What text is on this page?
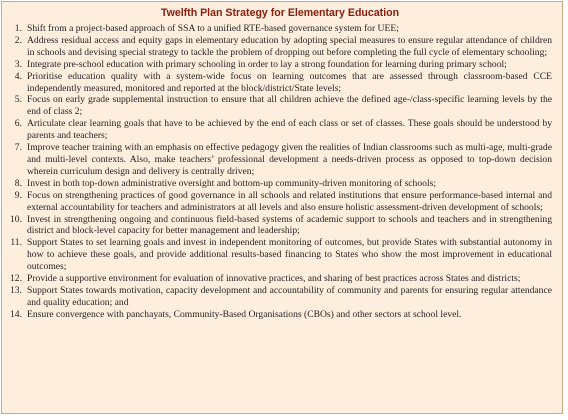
Twelfth Plan Strategy for Elementary Education
1. Shift from a project-based approach of SSA to a unified RTE-based governance system for UEE;
2. Address residual access and equity gaps in elementary education by adopting special measures to ensure regular attendance of children in schools and devising special strategy to tackle the problem of dropping out before completing the full cycle of elementary schooling;
3. Integrate pre-school education with primary schooling in order to lay a strong foundation for learning during primary school;
4. Prioritise education quality with a system-wide focus on learning outcomes that are assessed through classroom-based CCE independently measured, monitored and reported at the block/district/State levels;
5. Focus on early grade supplemental instruction to ensure that all children achieve the defined age-/class-specific learning levels by the end of class 2;
6. Articulate clear learning goals that have to be achieved by the end of each class or set of classes. These goals should be understood by parents and teachers;
7. Improve teacher training with an emphasis on effective pedagogy given the realities of Indian classrooms such as multi-age, multi-grade and multi-level contexts. Also, make teachers’ professional development a needs-driven process as opposed to top-down decision wherein curriculum design and delivery is centrally driven;
8. Invest in both top-down administrative oversight and bottom-up community-driven monitoring of schools;
9. Focus on strengthening practices of good governance in all schools and related institutions that ensure performance-based internal and external accountability for teachers and administrators at all levels and also ensure holistic assessment-driven development of schools;
10. Invest in strengthening ongoing and continuous field-based systems of academic support to schools and teachers and in strengthening district and block-level capacity for better management and leadership;
11. Support States to set learning goals and invest in independent monitoring of outcomes, but provide States with substantial autonomy in how to achieve these goals, and provide additional results-based financing to States who show the most improvement in educational outcomes;
12. Provide a supportive environment for evaluation of innovative practices, and sharing of best practices across States and districts;
13. Support States towards motivation, capacity development and accountability of community and parents for ensuring regular attendance and quality education; and
14. Ensure convergence with panchayats, Community-Based Organisations (CBOs) and other sectors at school level.
